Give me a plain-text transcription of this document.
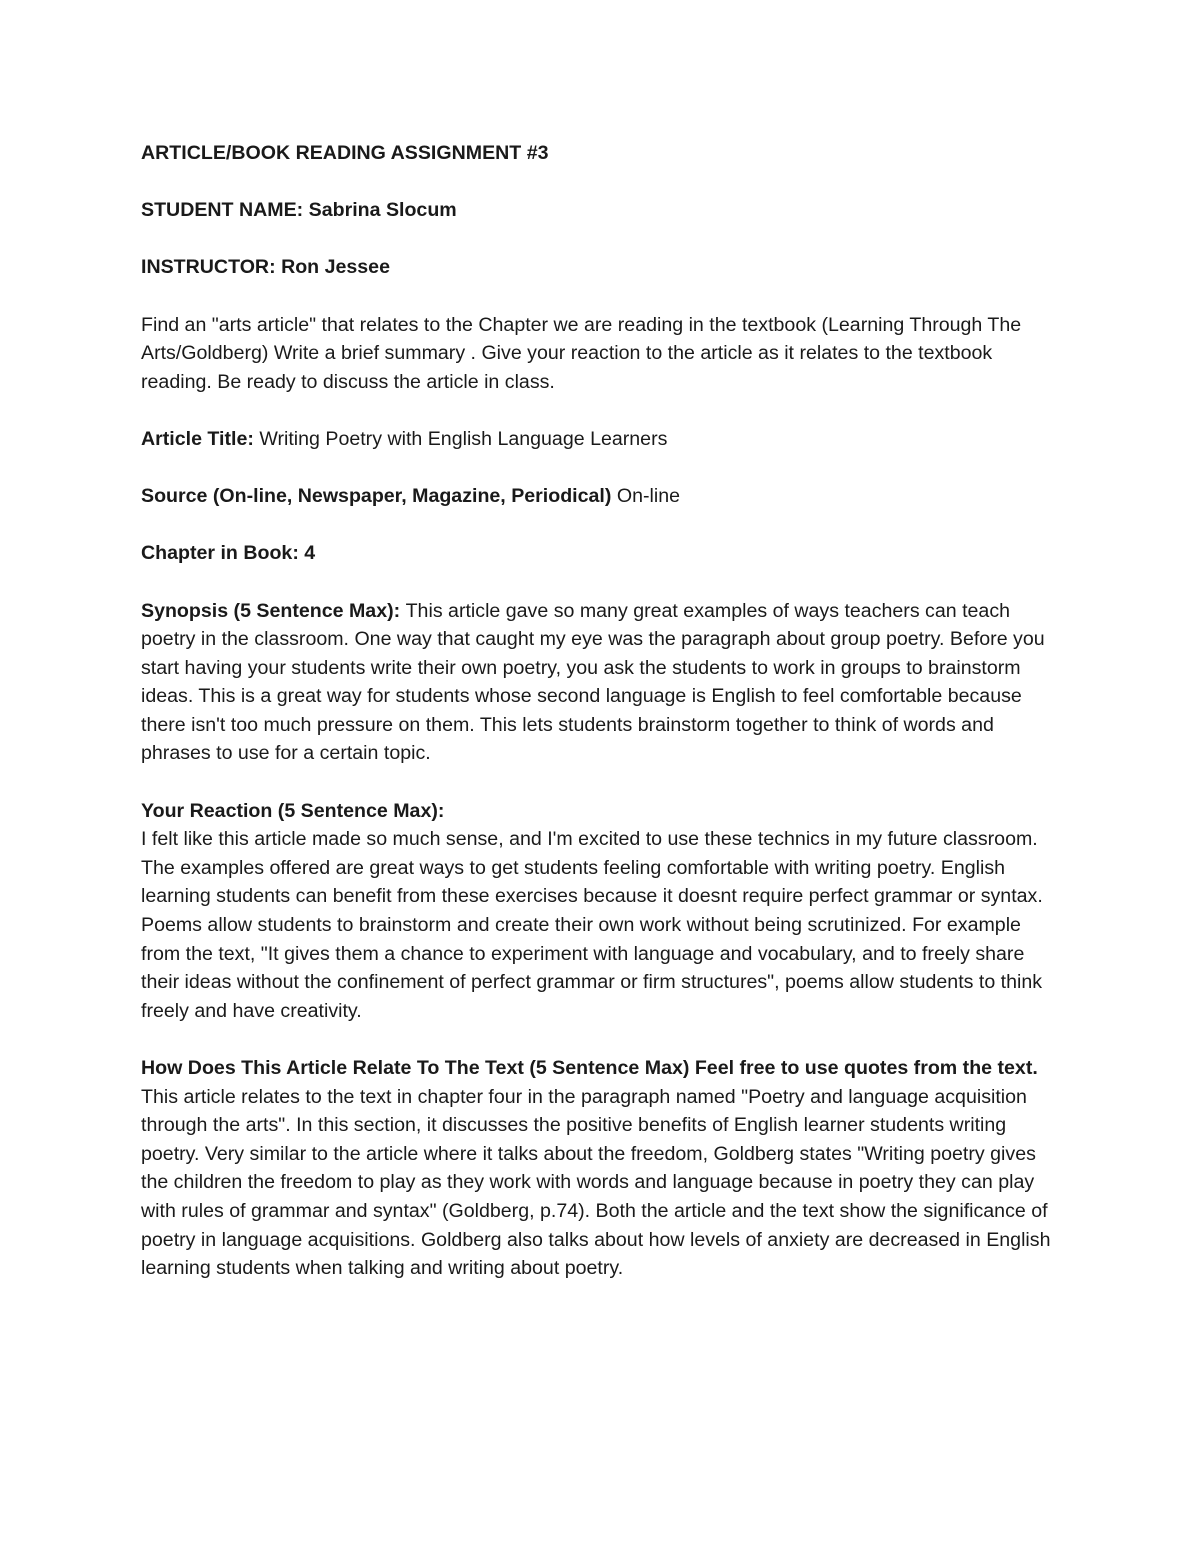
ARTICLE/BOOK READING ASSIGNMENT #3
STUDENT NAME: Sabrina Slocum
INSTRUCTOR: Ron Jessee
Find an "arts article" that relates to the Chapter we are reading in the textbook (Learning Through The Arts/Goldberg) Write a brief summary . Give your reaction to the article as it relates to the textbook reading. Be ready to discuss the article in class.
Article Title: Writing Poetry with English Language Learners
Source (On-line, Newspaper, Magazine, Periodical) On-line
Chapter in Book: 4
Synopsis (5 Sentence Max): This article gave so many great examples of ways teachers can teach poetry in the classroom. One way that caught my eye was the paragraph about group poetry. Before you start having your students write their own poetry, you ask the students to work in groups to brainstorm ideas. This is a great way for students whose second language is English to feel comfortable because there isn't too much pressure on them. This lets students brainstorm together to think of words and phrases to use for a certain topic.
Your Reaction (5 Sentence Max):
I felt like this article made so much sense, and I'm excited to use these technics in my future classroom. The examples offered are great ways to get students feeling comfortable with writing poetry. English learning students can benefit from these exercises because it doesnt require perfect grammar or syntax. Poems allow students to brainstorm and create their own work without being scrutinized. For example from the text, "It gives them a chance to experiment with language and vocabulary, and to freely share their ideas without the confinement of perfect grammar or firm structures", poems allow students to think freely and have creativity.
How Does This Article Relate To The Text (5 Sentence Max) Feel free to use quotes from the text.
This article relates to the text in chapter four in the paragraph named "Poetry and language acquisition through the arts". In this section, it discusses the positive benefits of English learner students writing poetry. Very similar to the article where it talks about the freedom, Goldberg states "Writing poetry gives the children the freedom to play as they work with words and language because in poetry they can play with rules of grammar and syntax" (Goldberg, p.74). Both the article and the text show the significance of poetry in language acquisitions. Goldberg also talks about how levels of anxiety are decreased in English learning students when talking and writing about poetry.
